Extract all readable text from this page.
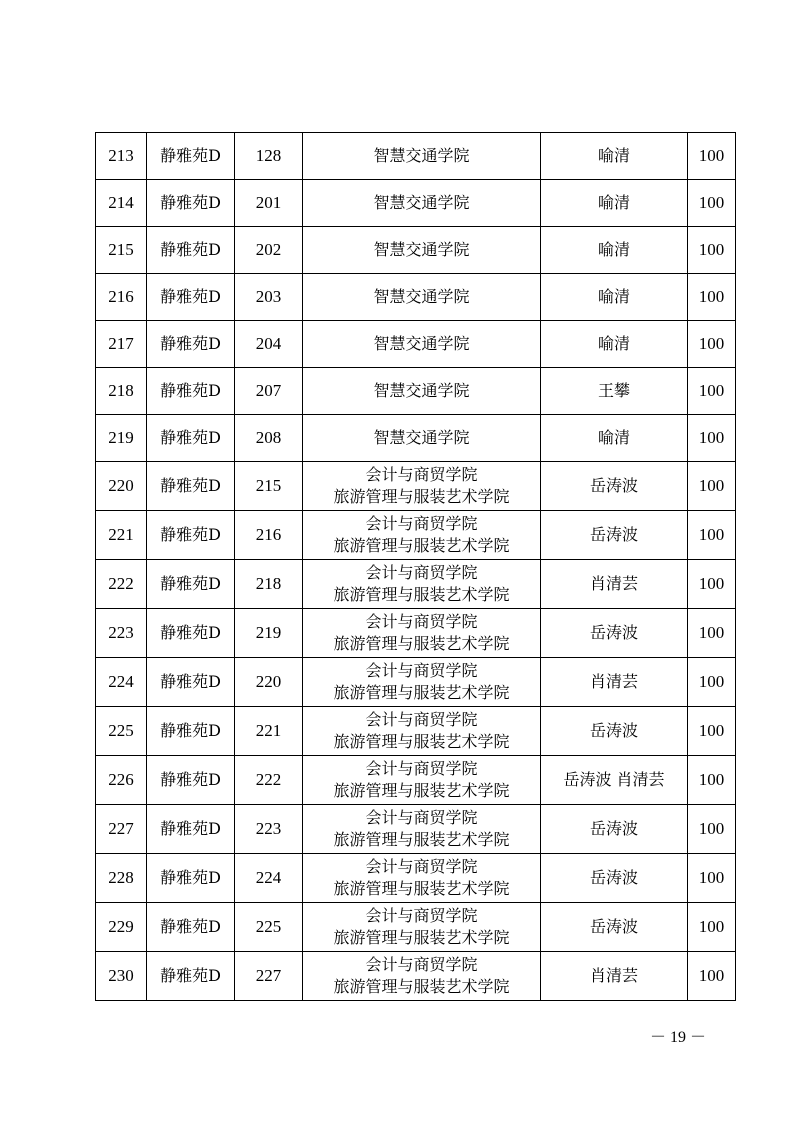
213	静雅苑D	128	智慧交通学院	喻清	100
214	静雅苑D	201	智慧交通学院	喻清	100
215	静雅苑D	202	智慧交通学院	喻清	100
216	静雅苑D	203	智慧交通学院	喻清	100
217	静雅苑D	204	智慧交通学院	喻清	100
218	静雅苑D	207	智慧交通学院	王攀	100
219	静雅苑D	208	智慧交通学院	喻清	100
220	静雅苑D	215	会计与商贸学院
旅游管理与服装艺术学院	岳涛波	100
221	静雅苑D	216	会计与商贸学院
旅游管理与服装艺术学院	岳涛波	100
222	静雅苑D	218	会计与商贸学院
旅游管理与服装艺术学院	肖清芸	100
223	静雅苑D	219	会计与商贸学院
旅游管理与服装艺术学院	岳涛波	100
224	静雅苑D	220	会计与商贸学院
旅游管理与服装艺术学院	肖清芸	100
225	静雅苑D	221	会计与商贸学院
旅游管理与服装艺术学院	岳涛波	100
226	静雅苑D	222	会计与商贸学院
旅游管理与服装艺术学院	岳涛波 肖清芸	100
227	静雅苑D	223	会计与商贸学院
旅游管理与服装艺术学院	岳涛波	100
228	静雅苑D	224	会计与商贸学院
旅游管理与服装艺术学院	岳涛波	100
229	静雅苑D	225	会计与商贸学院
旅游管理与服装艺术学院	岳涛波	100
230	静雅苑D	227	会计与商贸学院
旅游管理与服装艺术学院	肖清芸	100
－ 19 －
